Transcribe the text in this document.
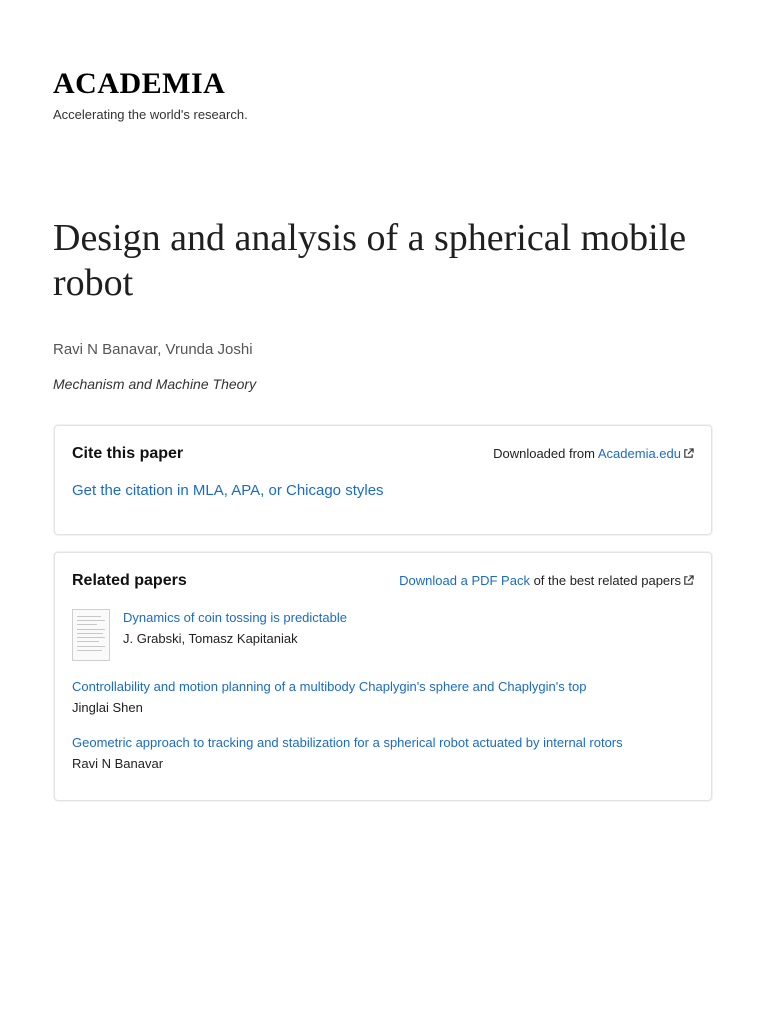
ACADEMIA
Accelerating the world's research.
Design and analysis of a spherical mobile robot
Ravi N Banavar, Vrunda Joshi
Mechanism and Machine Theory
Cite this paper	Downloaded from Academia.edu
Get the citation in MLA, APA, or Chicago styles
Related papers	Download a PDF Pack of the best related papers
Dynamics of coin tossing is predictable
J. Grabski, Tomasz Kapitaniak
Controllability and motion planning of a multibody Chaplygin's sphere and Chaplygin's top
Jinglai Shen
Geometric approach to tracking and stabilization for a spherical robot actuated by internal rotors
Ravi N Banavar
